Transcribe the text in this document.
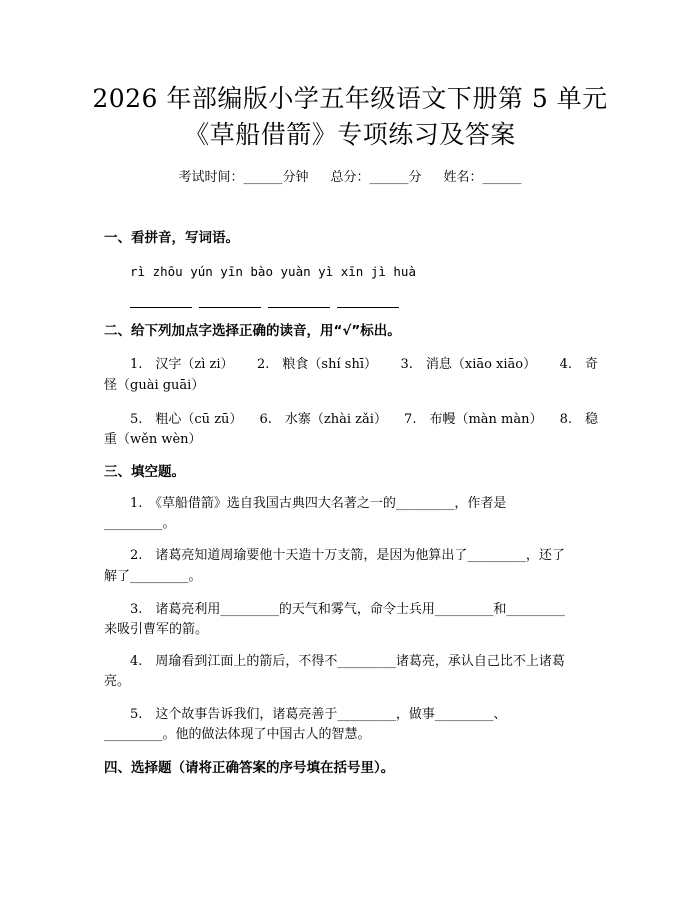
2026 年部编版小学五年级语文下册第 5 单元
《草船借箭》专项练习及答案
考试时间：______分钟 总分：______分 姓名：______
一、看拼音，写词语。
rì zhōu yún yīn bào yuàn yì xīn jì huà
二、给下列加点字选择正确的读音，用“√”标出。
1.　汉字（zì zi） 2.　粮食（shí shī） 3.　消息（xiāo xiāo） 4.　奇
怪（guài guāi）
5.　粗心（cū zū） 6.　水寨（zhài zǎi） 7.　布幔（màn màn） 8.　稳
重（wěn wèn）
三、填空题。
1.　《草船借箭》选自我国古典四大名著之一的_________，作者是
_________。
2.　诸葛亮知道周瑜要他十天造十万支箭，是因为他算出了_________，还了
解了_________。
3.　诸葛亮利用_________的天气和雾气，命令士兵用_________和_________
来吸引曹军的箭。
4.　周瑜看到江面上的箭后，不得不_________诸葛亮，承认自己比不上诸葛
亮。
5.　这个故事告诉我们，诸葛亮善于_________，做事_________、
_________。他的做法体现了中国古人的智慧。
四、选择题（请将正确答案的序号填在括号里）。
